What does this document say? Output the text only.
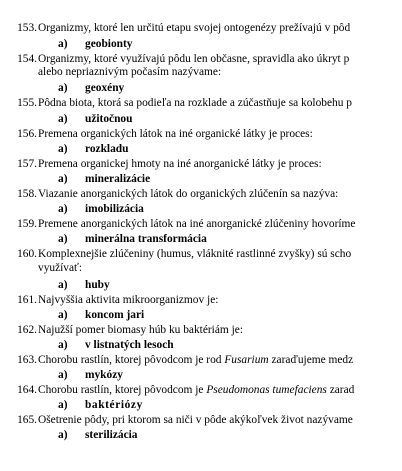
153. Organizmy, ktoré len určitú etapu svojej ontogenézy prežívajú v pôd
a) geobionty
154. Organizmy, ktoré využívajú pôdu len občasne, spravidla ako úkryt p
alebo nepriaznivým počasím nazývame:
a) geoxény
155. Pôdna biota, ktorá sa podieľa na rozklade a zúčastňuje sa kolobehu p
a) užitočnou
156. Premena organických látok na iné organické látky je proces:
a) rozkladu
157. Premena organickej hmoty na iné anorganické látky je proces:
a) mineralizácie
158. Viazanie anorganických látok do organických zlúčenín sa nazýva:
a) imobilizácia
159. Premene anorganických látok na iné anorganické zlúčeniny hovoríme
a) minerálna transformácia
160. Komplexnejšie zlúčeniny (humus, vláknité rastlinné zvyšky) sú scho
využívať:
a) huby
161. Najvyššia aktivita mikroorganizmov je:
a) koncom jari
162. Najužší pomer biomasy húb ku baktériám je:
a) v listnatých lesoch
163. Chorobu rastlín, ktorej pôvodcom je rod Fusarium zaraďujeme medz
a) mykózy
164. Chorobu rastlín, ktorej pôvodcom je Pseudomonas tumefaciens zarad
a) baktériózy
165. Ošetrenie pôdy, pri ktorom sa niči v pôde akýkoľvek život nazývame
a) sterilizácia
